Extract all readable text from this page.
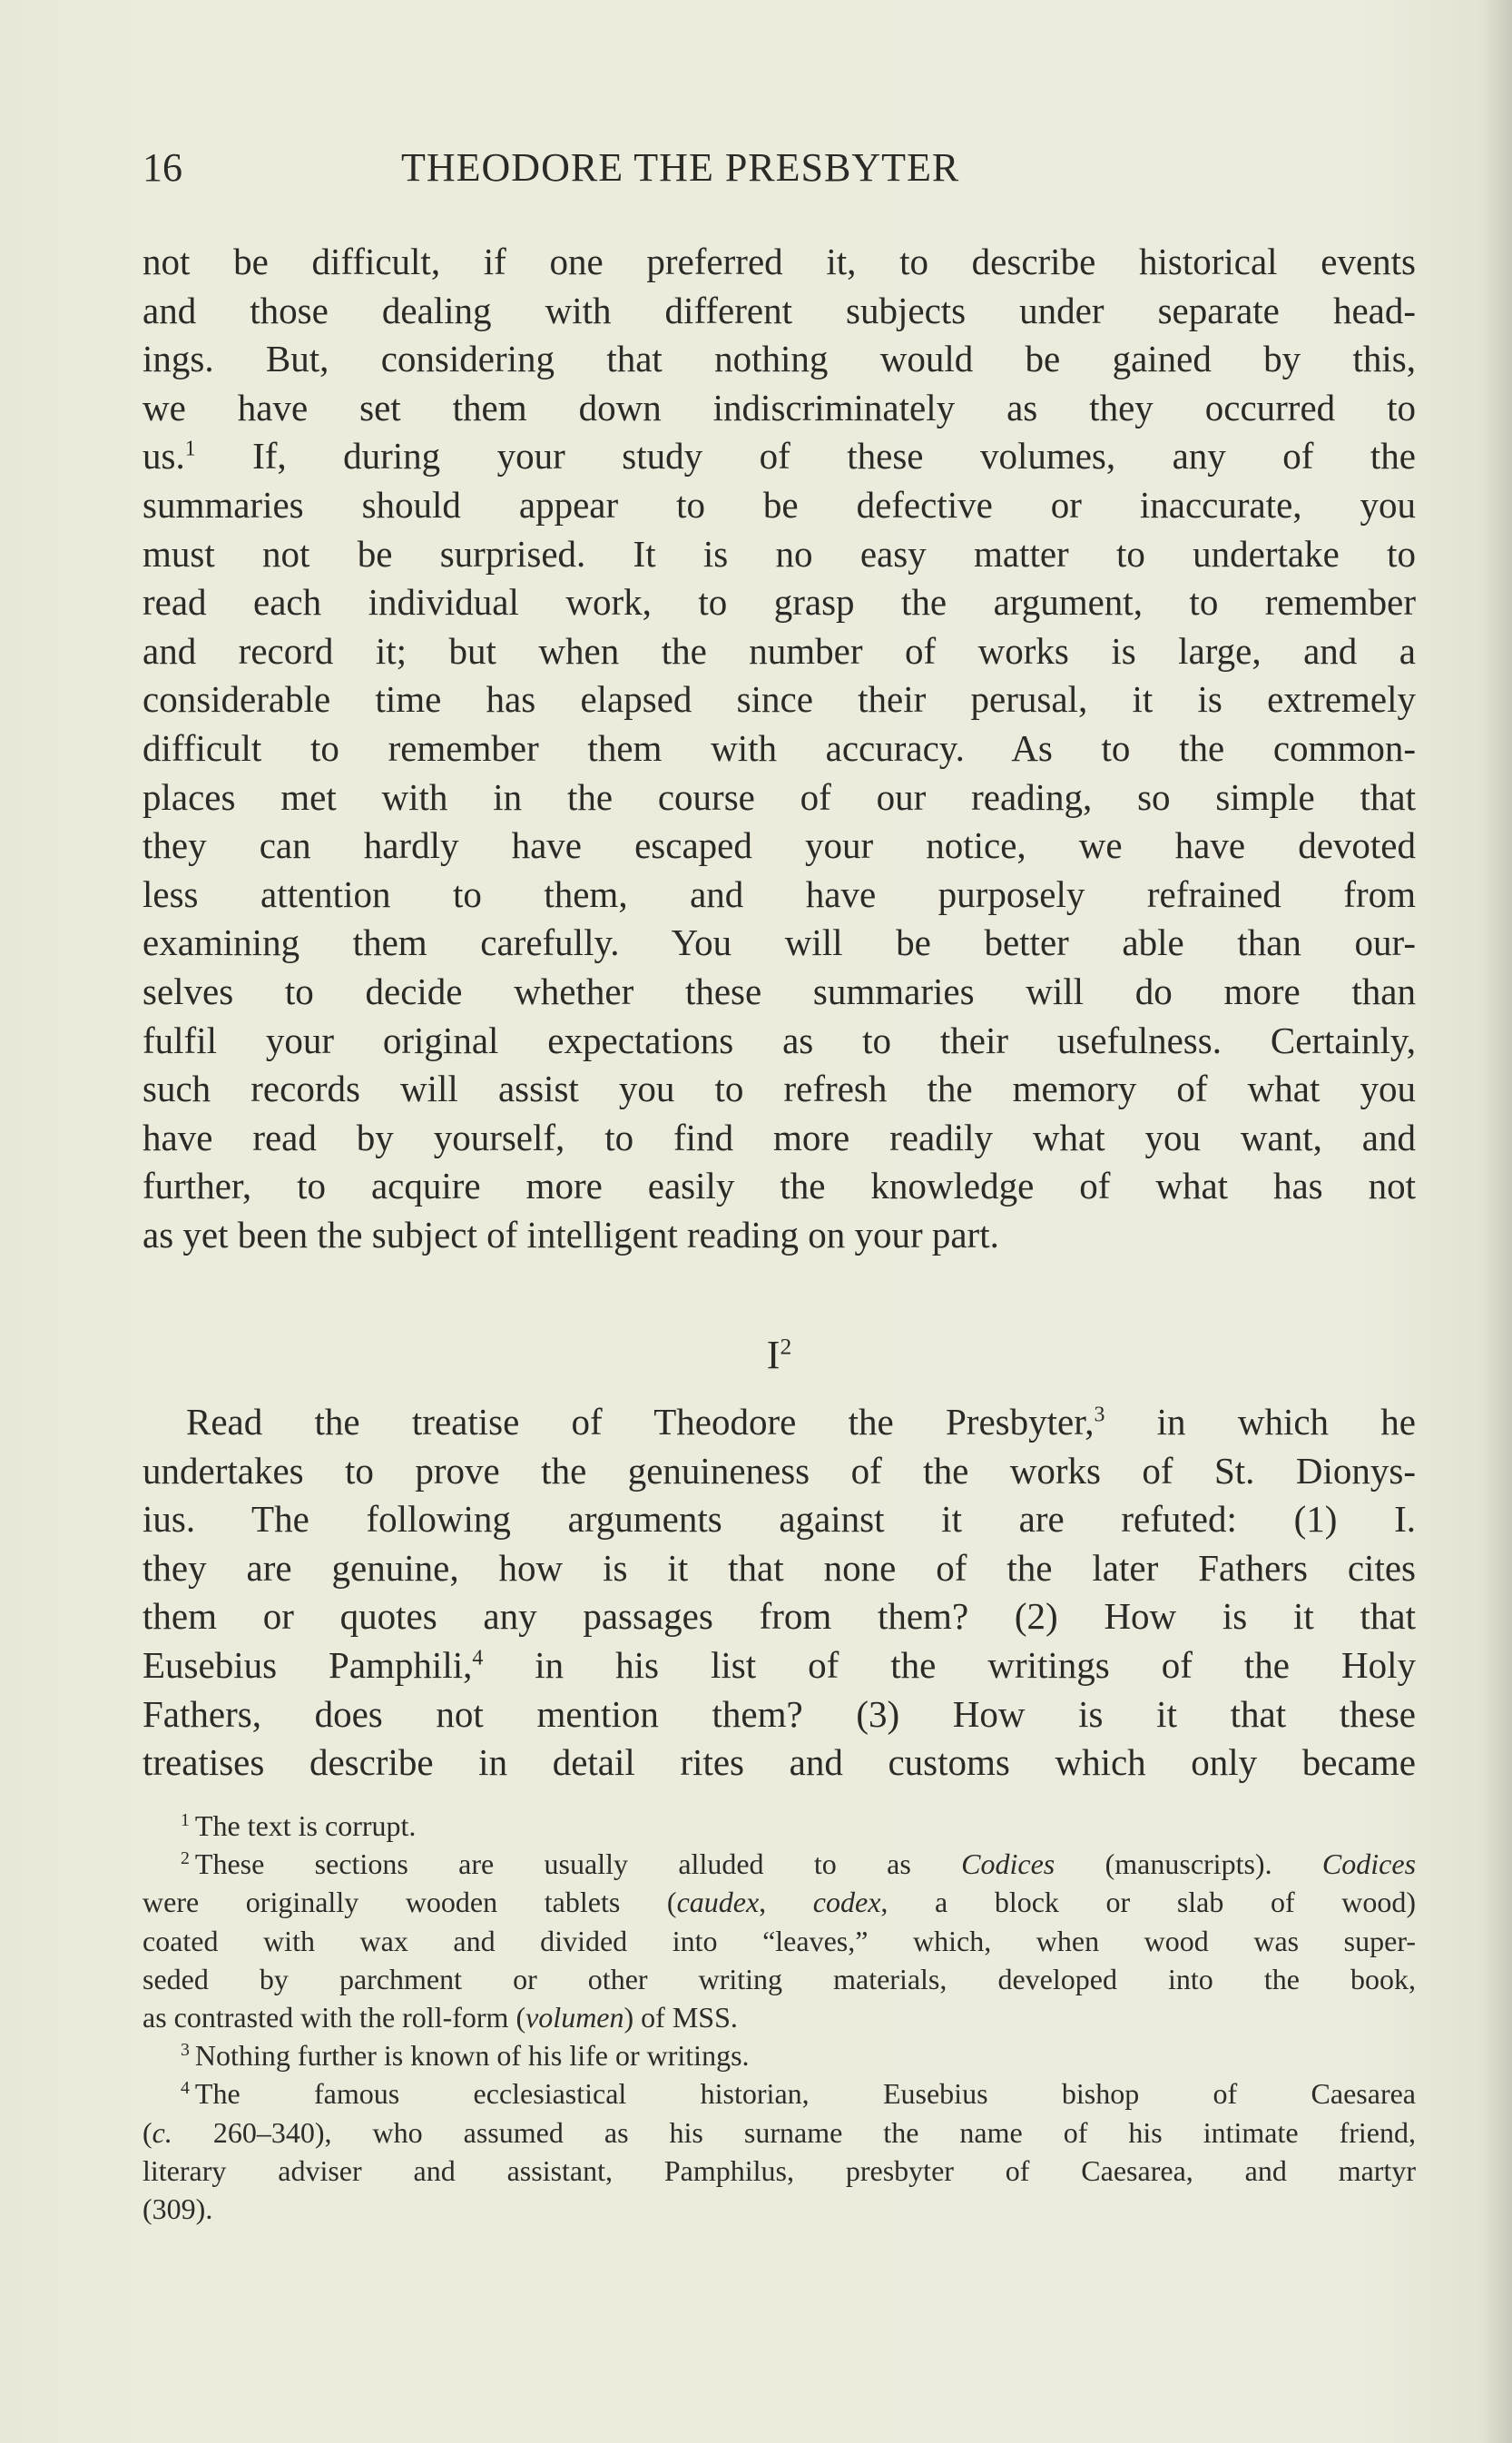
16	THEODORE THE PRESBYTER
not be difficult, if one preferred it, to describe historical events
and those dealing with different subjects under separate head-
ings. But, considering that nothing would be gained by this,
we have set them down indiscriminately as they occurred to
us.$^1$ If, during your study of these volumes, any of the
summaries should appear to be defective or inaccurate, you
must not be surprised. It is no easy matter to undertake to
read each individual work, to grasp the argument, to remember
and record it; but when the number of works is large, and a
considerable time has elapsed since their perusal, it is extremely
difficult to remember them with accuracy. As to the common-
places met with in the course of our reading, so simple that
they can hardly have escaped your notice, we have devoted
less attention to them, and have purposely refrained from
examining them carefully. You will be better able than our-
selves to decide whether these summaries will do more than
fulfil your original expectations as to their usefulness. Certainly,
such records will assist you to refresh the memory of what you
have read by yourself, to find more readily what you want, and
further, to acquire more easily the knowledge of what has not
as yet been the subject of intelligent reading on your part.
$I^2$
Read the treatise of Theodore the Presbyter,$^3$ in which he
undertakes to prove the genuineness of the works of St. Dionys-
ius. The following arguments against it are refuted: (1) I.
they are genuine, how is it that none of the later Fathers cites
them or quotes any passages from them? (2) How is it that
Eusebius Pamphili,$^4$ in his list of the writings of the Holy
Fathers, does not mention them? (3) How is it that these
treatises describe in detail rites and customs which only became
$^1$ The text is corrupt.
$^2$ These sections are usually alluded to as Codices (manuscripts). Codices
were originally wooden tablets (caudex, codex, a block or slab of wood)
coated with wax and divided into “leaves,” which, when wood was super-
seded by parchment or other writing materials, developed into the book,
as contrasted with the roll-form (volumen) of MSS.
$^3$ Nothing further is known of his life or writings.
$^4$ The famous ecclesiastical historian, Eusebius bishop of Caesarea
(c. 260–340), who assumed as his surname the name of his intimate friend,
literary adviser and assistant, Pamphilus, presbyter of Caesarea, and martyr
(309).
